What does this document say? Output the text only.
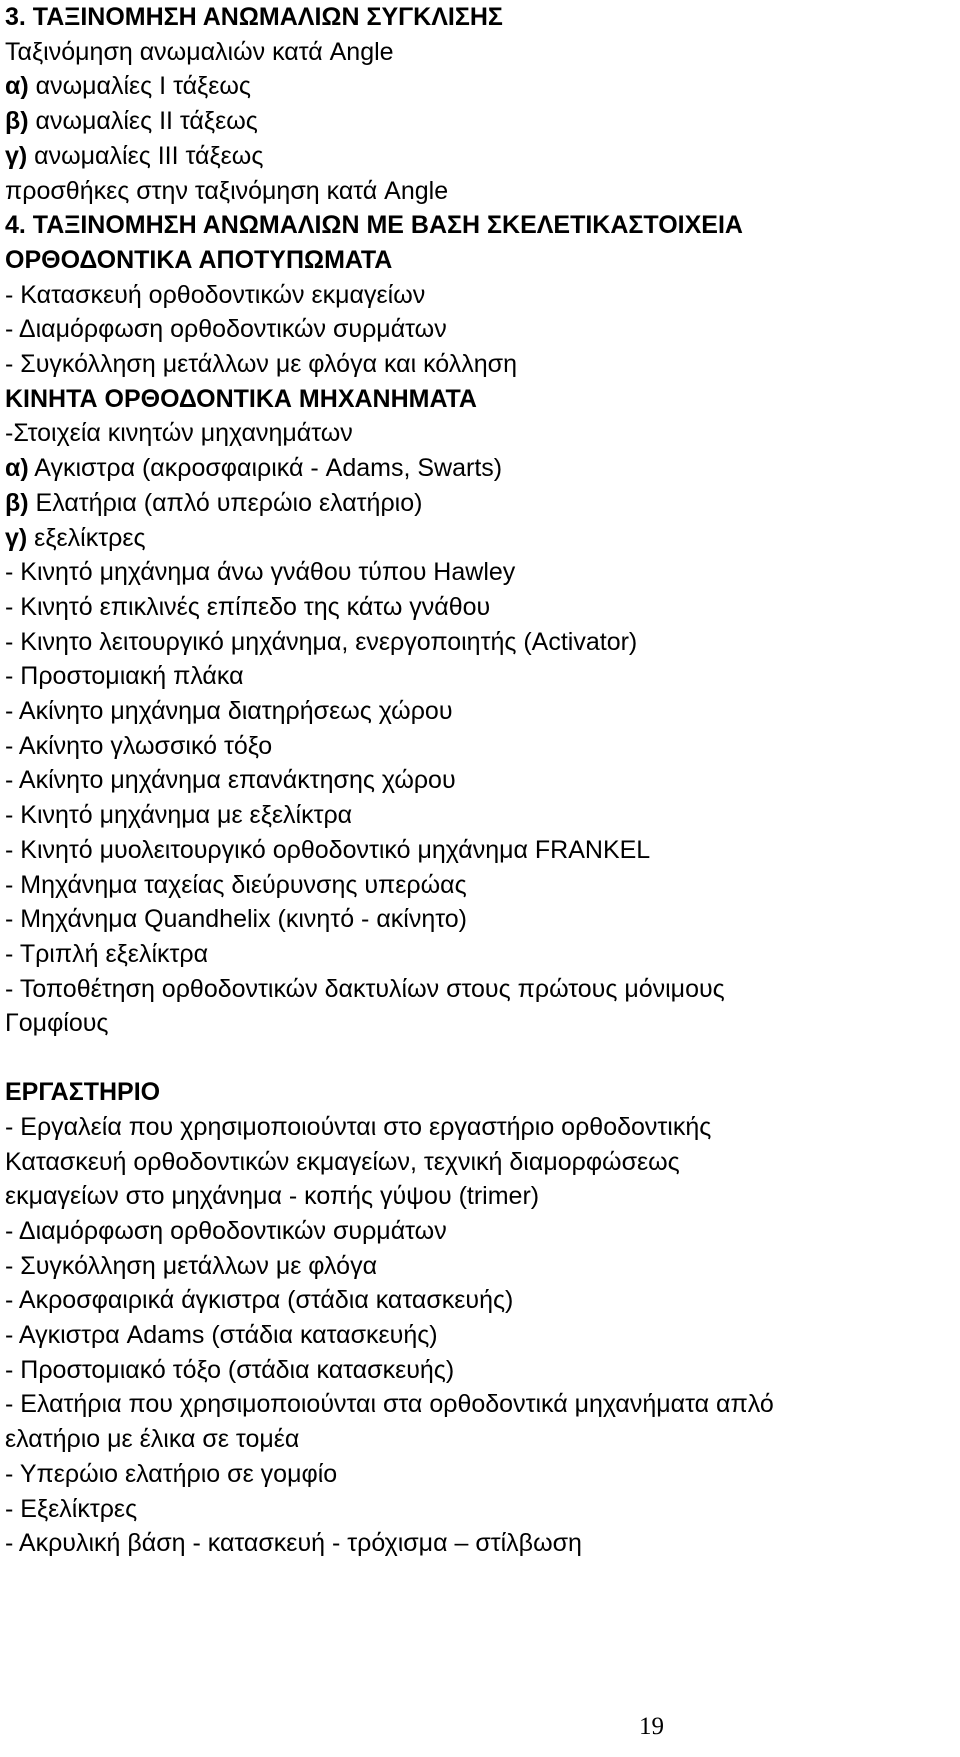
3. ΤΑΞΙΝΟΜΗΣΗ ΑΝΩΜΑΛΙΩΝ ΣΥΓΚΛΙΣΗΣ
Ταξινόμηση ανωμαλιών κατά Angle
α) ανωμαλίες Ι τάξεως
β) ανωμαλίες ΙΙ τάξεως
γ) ανωμαλίες ΙΙΙ τάξεως
προσθήκες στην ταξινόμηση κατά Angle
4. ΤΑΞΙΝΟΜΗΣΗ ΑΝΩΜΑΛΙΩΝ ΜΕ ΒΑΣΗ ΣΚΕΛΕΤΙΚΑΣΤΟΙΧΕΙΑ
ΟΡΘΟΔΟΝΤΙΚΑ ΑΠΟΤΥΠΩΜΑΤΑ
- Κατασκευή ορθοδοντικών εκμαγείων
- Διαμόρφωση ορθοδοντικών συρμάτων
- Συγκόλληση μετάλλων με φλόγα και κόλληση
ΚΙΝΗΤΑ ΟΡΘΟΔΟΝΤΙΚΑ ΜΗΧΑΝΗΜΑΤΑ
-Στοιχεία κινητών μηχανημάτων
α) Αγκιστρα (ακροσφαιρικά - Adams, Swarts)
β) Ελατήρια (απλό υπερώιο ελατήριο)
γ) εξελίκτρες
- Κινητό μηχάνημα άνω γνάθου τύπου Hawley
- Κινητό επικλινές επίπεδο της κάτω γνάθου
- Κινητο λειτουργικό μηχάνημα, ενεργοποιητής (Activator)
- Προστομιακή πλάκα
- Ακίνητο μηχάνημα διατηρήσεως χώρου
- Ακίνητο γλωσσικό τόξο
- Ακίνητο μηχάνημα επανάκτησης χώρου
- Κινητό μηχάνημα με εξελίκτρα
- Κινητό μυολειτουργικό ορθοδοντικό μηχάνημα FRANKEL
- Μηχάνημα ταχείας διεύρυνσης υπερώας
- Μηχάνημα Quandhelix (κινητό - ακίνητο)
- Τριπλή εξελίκτρα
- Τοποθέτηση ορθοδοντικών δακτυλίων στους πρώτους μόνιμους
Γομφίους
ΕΡΓΑΣΤΗΡΙΟ
- Εργαλεία που χρησιμοποιούνται στο εργαστήριο ορθοδοντικής
Κατασκευή ορθοδοντικών εκμαγείων, τεχνική διαμορφώσεως
εκμαγείων στο μηχάνημα - κοπής γύψου (trimer)
- Διαμόρφωση ορθοδοντικών συρμάτων
- Συγκόλληση μετάλλων με φλόγα
- Ακροσφαιρικά άγκιστρα (στάδια κατασκευής)
- Αγκιστρα Adams (στάδια κατασκευής)
- Προστομιακό τόξο (στάδια κατασκευής)
- Ελατήρια που χρησιμοποιούνται στα ορθοδοντικά μηχανήματα απλό
ελατήριο με έλικα σε τομέα
- Υπερώιο ελατήριο σε γομφίο
- Εξελίκτρες
- Ακρυλική βάση - κατασκευή - τρόχισμα – στίλβωση
19
